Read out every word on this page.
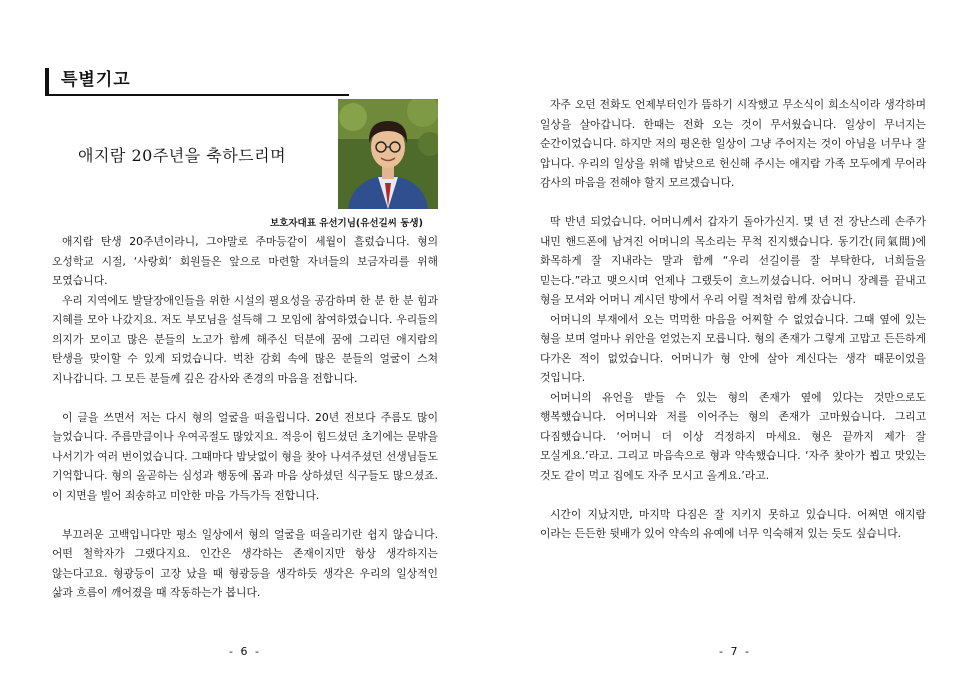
특별기고
애지람 20주년을 축하드리며
보호자대표 유선기님(유선길씨 동생)

애지람 탄생 20주년이라니, 그야말로 주마등같이 세월이 흘렀습니다. 형의 오성학교 시절, ‘사랑회’ 회원들은 앞으로 마련할 자녀들의 보금자리를 위해 모였습니다.

우리 지역에도 발달장애인들을 위한 시설의 필요성을 공감하며 한 분 한 분 힘과 지혜를 모아 나갔지요. 저도 부모님을 설득해 그 모임에 참여하였습니다. 우리들의 의지가 모이고 많은 분들의 노고가 함께 해주신 덕분에 꿈에 그리던 애지람의 탄생을 맞이할 수 있게 되었습니다. 벅찬 감회 속에 많은 분들의 얼굴이 스쳐 지나갑니다. 그 모든 분들께 깊은 감사와 존경의 마음을 전합니다.

이 글을 쓰면서 저는 다시 형의 얼굴을 떠올립니다. 20년 전보다 주름도 많이 늘었습니다. 주름만큼이나 우여곡절도 많았지요. 적응이 힘드셨던 초기에는 문밖을 나서기가 여러 번이었습니다. 그때마다 밤낮없이 형을 찾아 나셔주셨던 선생님들도 기억합니다. 형의 올곧하는 심성과 행동에 몸과 마음 상하셨던 식구들도 많으셨죠. 이 지면을 빌어 죄송하고 미안한 마음 가득가득 전합니다.

부끄러운 고백입니다만 평소 일상에서 형의 얼굴을 떠올리기란 쉽지 않습니다. 어떤 철학자가 그랬다지요. 인간은 생각하는 존재이지만 항상 생각하지는 않는다고요. 형광등이 고장 났을 때 형광등을 생각하듯 생각은 우리의 일상적인 삶과 흐름이 깨어졌을 때 작동하는가 봅니다.

- 6 -

자주 오던 전화도 언제부터인가 뜸하기 시작했고 무소식이 희소식이라 생각하며 일상을 살아갑니다. 한때는 전화 오는 것이 무서웠습니다. 일상이 무너지는 순간이었습니다. 하지만 저의 평온한 일상이 그냥 주어지는 것이 아님을 너무나 잘 압니다. 우리의 일상을 위해 밤낮으로 헌신해 주시는 애지람 가족 모두에게 무어라 감사의 마음을 전해야 할지 모르겠습니다.

딱 반년 되었습니다. 어머니께서 갑자기 돌아가신지. 몇 년 전 장난스레 손주가 내민 핸드폰에 남겨진 어머니의 목소리는 무척 진지했습니다. 동기간(同氣間)에 화목하게 잘 지내라는 말과 함께 “우리 선길이를 잘 부탁한다, 너희들을 믿는다.”라고 맺으시며 언제나 그랬듯이 흐느끼셨습니다. 어머니 장례를 끝내고 형을 모셔와 어머니 계시던 방에서 우리 어릴 적처럼 함께 잤습니다.

어머니의 부재에서 오는 먹먹한 마음을 어찌할 수 없었습니다. 그때 옆에 있는 형을 보며 얼마나 위안을 얻었는지 모릅니다. 형의 존재가 그렇게 고맙고 든든하게 다가온 적이 없었습니다. 어머니가 형 안에 살아 계신다는 생각 때문이었을 것입니다.

어머니의 유언을 받들 수 있는 형의 존재가 옆에 있다는 것만으로도 행복했습니다. 어머니와 저를 이어주는 형의 존재가 고마웠습니다. 그리고 다짐했습니다. ‘어머니 더 이상 걱정하지 마세요. 형은 끝까지 제가 잘 모실게요.’라고. 그리고 마음속으로 형과 약속했습니다. ‘자주 찾아가 뵙고 맛있는 것도 같이 먹고 집에도 자주 모시고 올게요.’라고.

시간이 지났지만, 마지막 다짐은 잘 지키지 못하고 있습니다. 어쩌면 애지람 이라는 든든한 뒷배가 있어 약속의 유예에 너무 익숙해져 있는 듯도 싶습니다.

- 7 -
